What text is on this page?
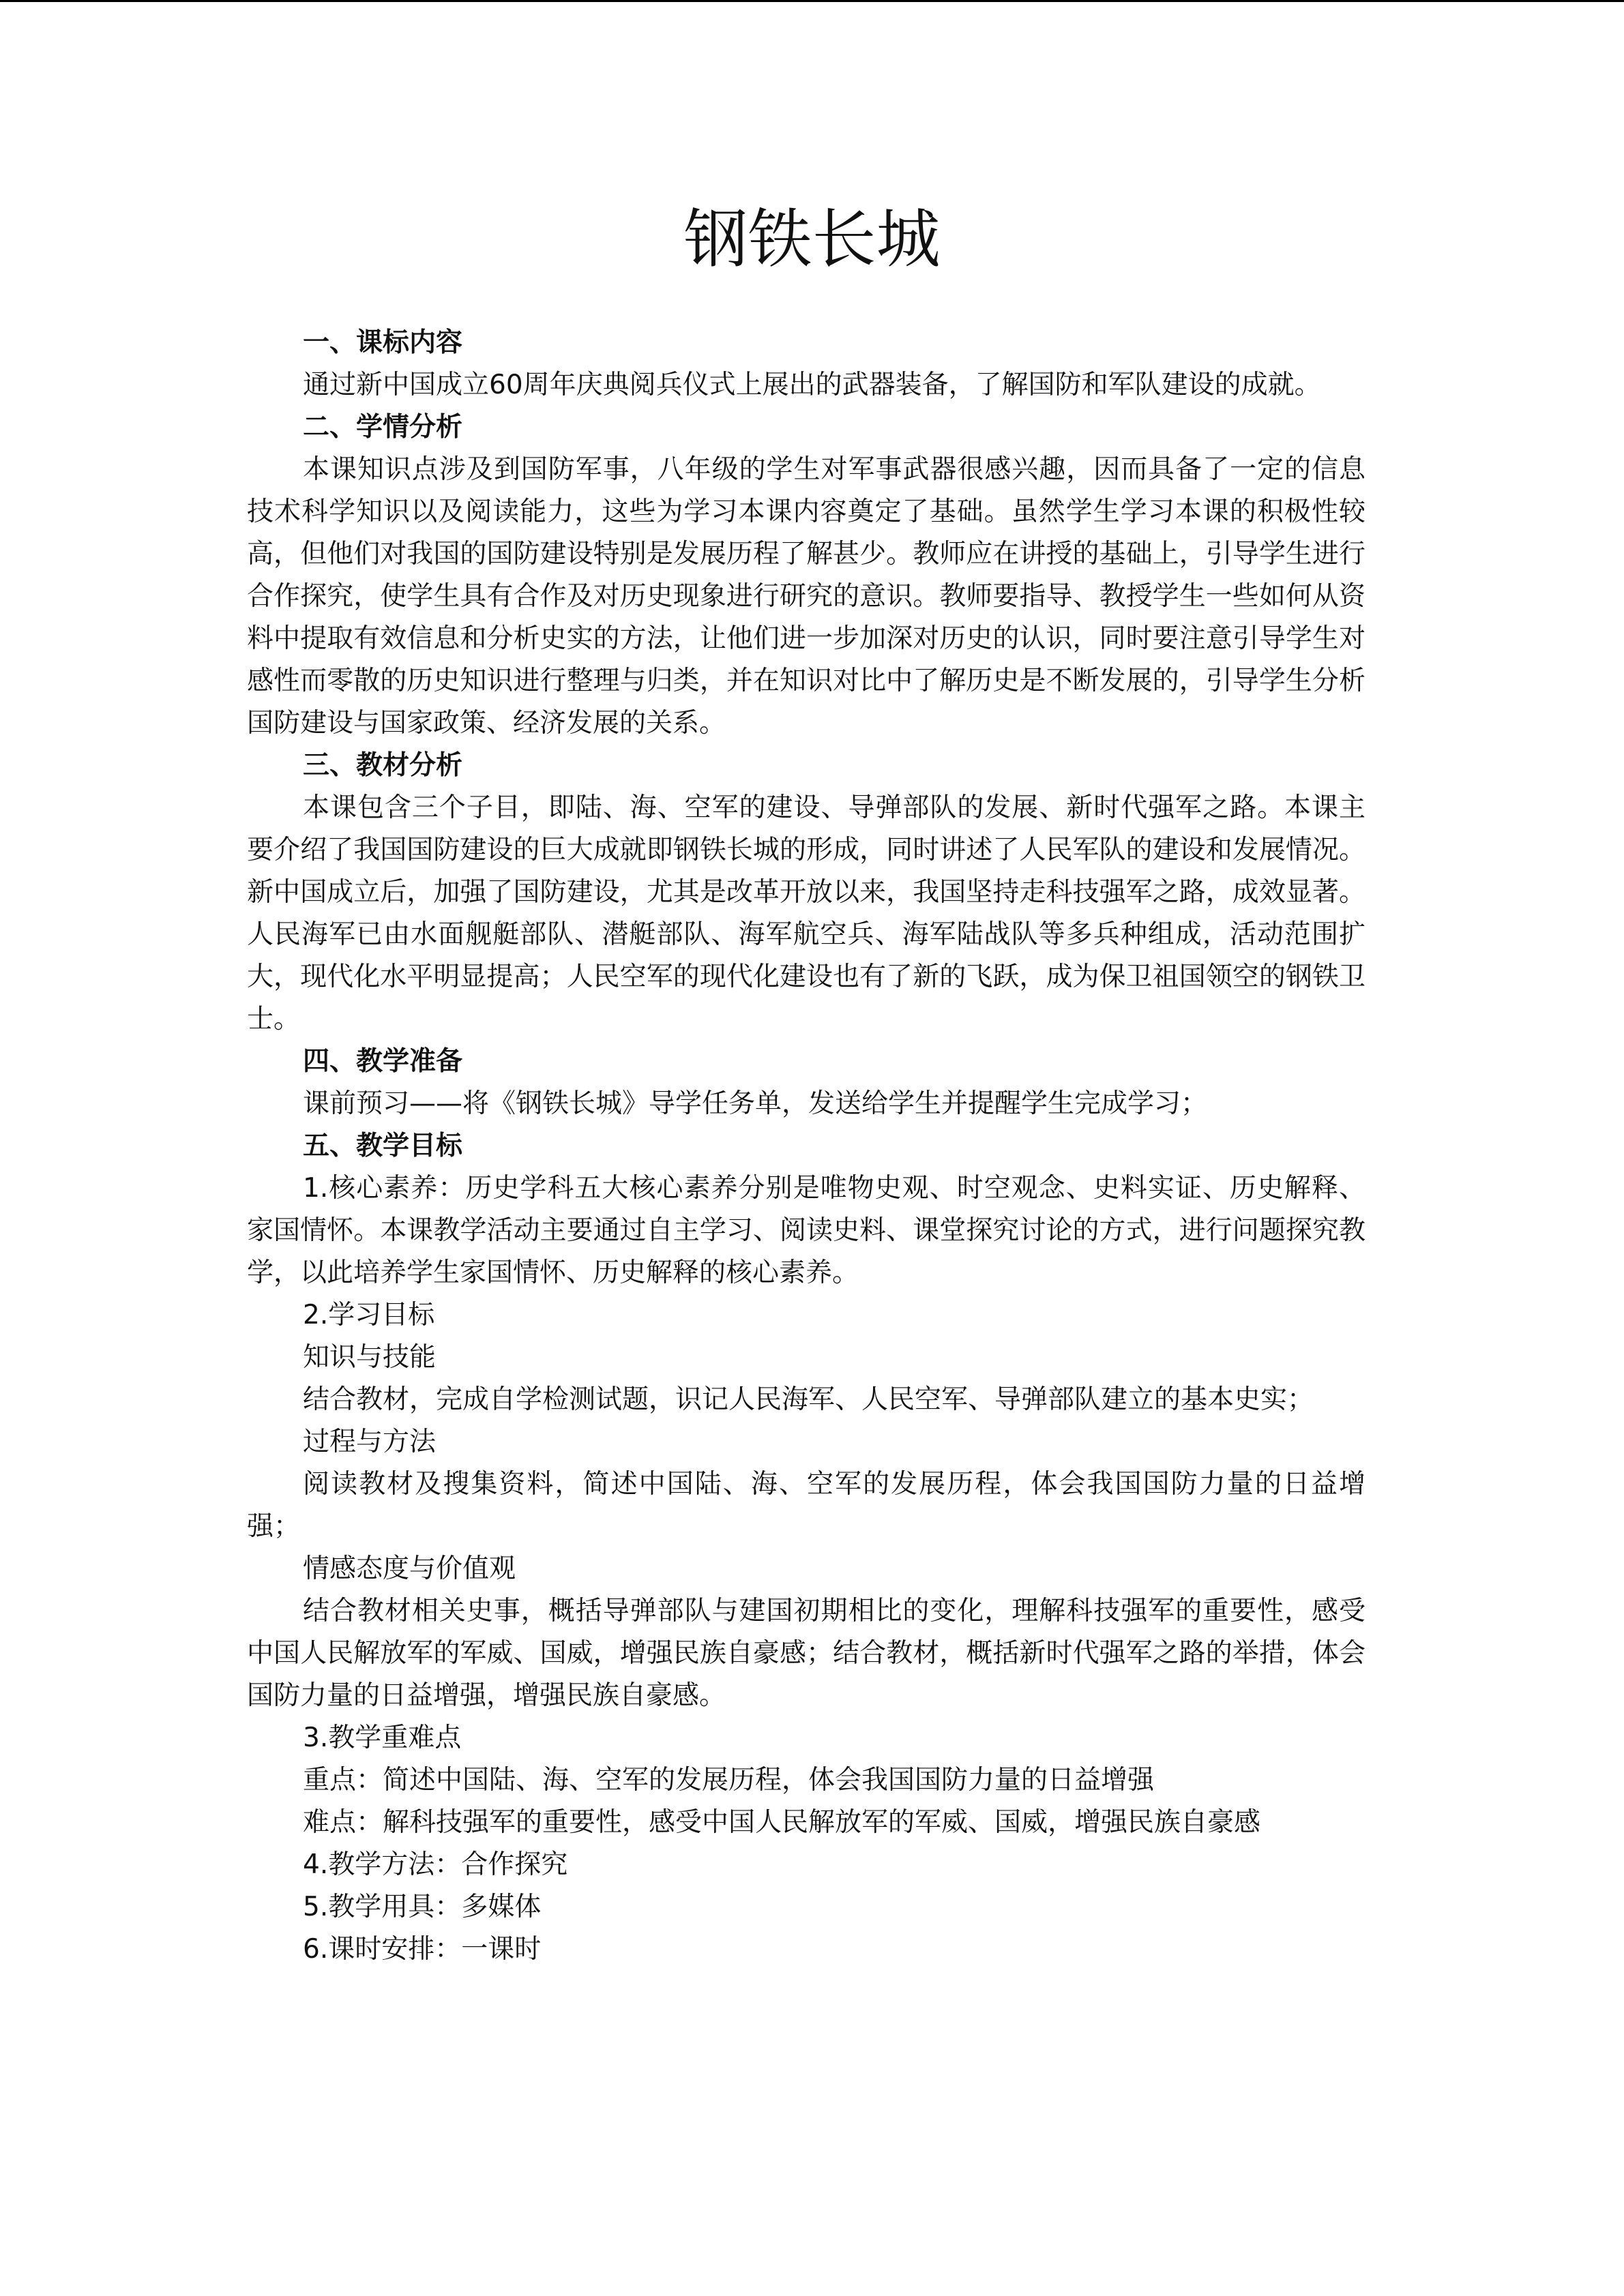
钢铁长城

一、课标内容

通过新中国成立60周年庆典阅兵仪式上展出的武器装备，了解国防和军队建设的成就。

二、学情分析

本课知识点涉及到国防军事，八年级的学生对军事武器很感兴趣，因而具备了一定的信息技术科学知识以及阅读能力，这些为学习本课内容奠定了基础。虽然学生学习本课的积极性较高，但他们对我国的国防建设特别是发展历程了解甚少。教师应在讲授的基础上，引导学生进行合作探究，使学生具有合作及对历史现象进行研究的意识。教师要指导、教授学生一些如何从资料中提取有效信息和分析史实的方法，让他们进一步加深对历史的认识，同时要注意引导学生对感性而零散的历史知识进行整理与归类，并在知识对比中了解历史是不断发展的，引导学生分析国防建设与国家政策、经济发展的关系。

三、教材分析

本课包含三个子目，即陆、海、空军的建设、导弹部队的发展、新时代强军之路。本课主要介绍了我国国防建设的巨大成就即钢铁长城的形成，同时讲述了人民军队的建设和发展情况。新中国成立后，加强了国防建设，尤其是改革开放以来，我国坚持走科技强军之路，成效显著。人民海军已由水面舰艇部队、潜艇部队、海军航空兵、海军陆战队等多兵种组成，活动范围扩大，现代化水平明显提高；人民空军的现代化建设也有了新的飞跃，成为保卫祖国领空的钢铁卫士。

四、教学准备

课前预习——将《钢铁长城》导学任务单，发送给学生并提醒学生完成学习；

五、教学目标

1.核心素养：历史学科五大核心素养分别是唯物史观、时空观念、史料实证、历史解释、家国情怀。本课教学活动主要通过自主学习、阅读史料、课堂探究讨论的方式，进行问题探究教学，以此培养学生家国情怀、历史解释的核心素养。

2.学习目标

知识与技能

结合教材，完成自学检测试题，识记人民海军、人民空军、导弹部队建立的基本史实；

过程与方法

阅读教材及搜集资料，简述中国陆、海、空军的发展历程，体会我国国防力量的日益增强；

情感态度与价值观

结合教材相关史事，概括导弹部队与建国初期相比的变化，理解科技强军的重要性，感受中国人民解放军的军威、国威，增强民族自豪感；结合教材，概括新时代强军之路的举措，体会国防力量的日益增强，增强民族自豪感。

3.教学重难点

重点：简述中国陆、海、空军的发展历程，体会我国国防力量的日益增强

难点：解科技强军的重要性，感受中国人民解放军的军威、国威，增强民族自豪感

4.教学方法：合作探究

5.教学用具：多媒体

6.课时安排：一课时
